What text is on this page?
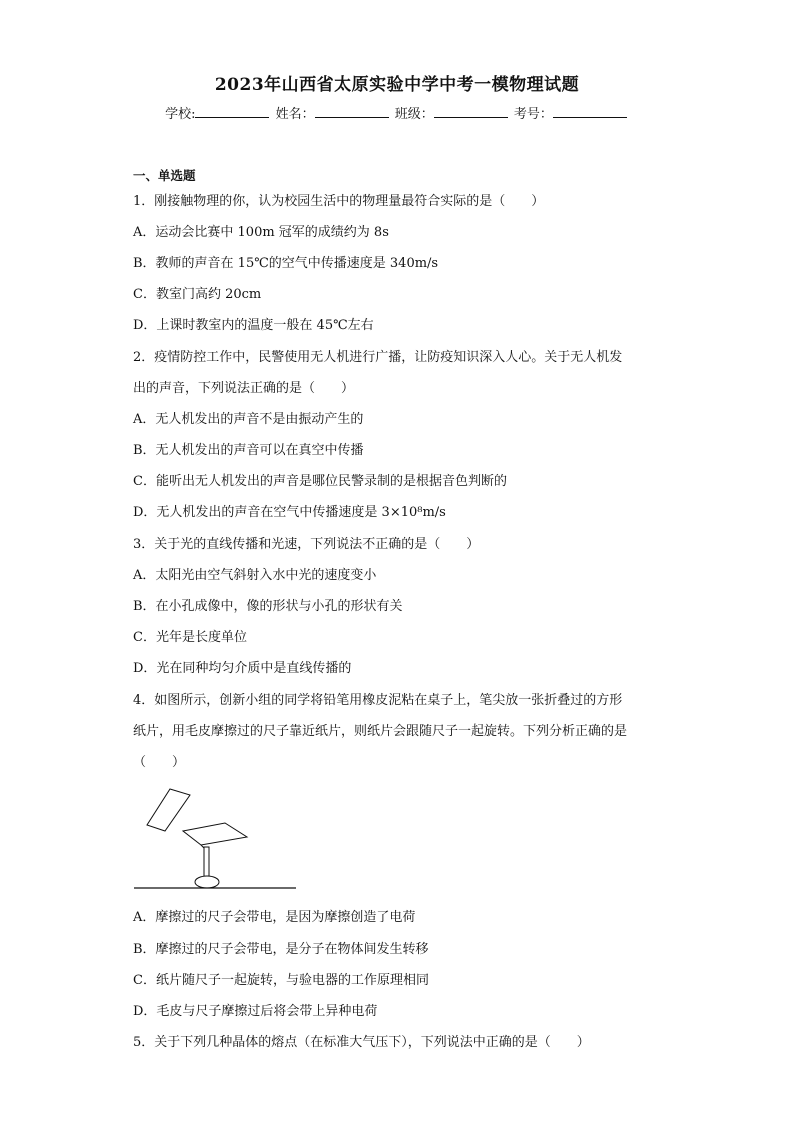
2023年山西省太原实验中学中考一模物理试题
学校:	姓名：	班级：	考号：
一、单选题
1．刚接触物理的你，认为校园生活中的物理量最符合实际的是（　　）
A．运动会比赛中 100m 冠军的成绩约为 8s
B．教师的声音在 15℃的空气中传播速度是 340m/s
C．教室门高约 20cm
D．上课时教室内的温度一般在 45℃左右
2．疫情防控工作中，民警使用无人机进行广播，让防疫知识深入人心。关于无人机发
出的声音，下列说法正确的是（　　）
A．无人机发出的声音不是由振动产生的
B．无人机发出的声音可以在真空中传播
C．能听出无人机发出的声音是哪位民警录制的是根据音色判断的
D．无人机发出的声音在空气中传播速度是 3×10⁸m/s
3．关于光的直线传播和光速，下列说法不正确的是（　　）
A．太阳光由空气斜射入水中光的速度变小
B．在小孔成像中，像的形状与小孔的形状有关
C．光年是长度单位
D．光在同种均匀介质中是直线传播的
4．如图所示，创新小组的同学将铅笔用橡皮泥粘在桌子上，笔尖放一张折叠过的方形
纸片，用毛皮摩擦过的尺子靠近纸片，则纸片会跟随尺子一起旋转。下列分析正确的是
（　　）
A．摩擦过的尺子会带电，是因为摩擦创造了电荷
B．摩擦过的尺子会带电，是分子在物体间发生转移
C．纸片随尺子一起旋转，与验电器的工作原理相同
D．毛皮与尺子摩擦过后将会带上异种电荷
5．关于下列几种晶体的熔点（在标准大气压下），下列说法中正确的是（　　）
